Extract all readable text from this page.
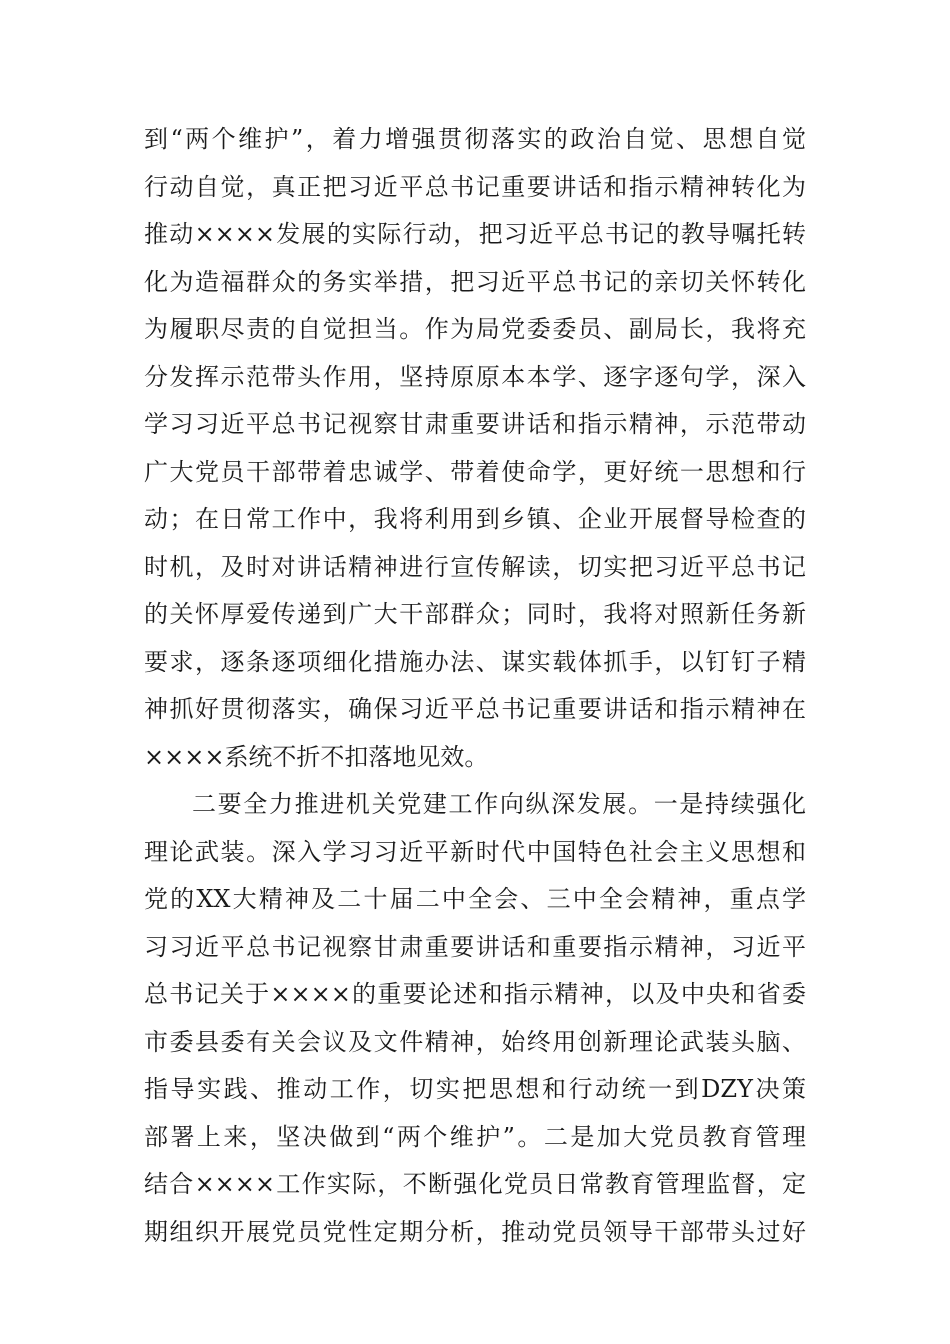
到“两个维护”，着力增强贯彻落实的政治自觉、思想自觉
行动自觉，真正把习近平总书记重要讲话和指示精神转化为
推动××××发展的实际行动，把习近平总书记的教导嘱托转
化为造福群众的务实举措，把习近平总书记的亲切关怀转化
为履职尽责的自觉担当。作为局党委委员、副局长，我将充
分发挥示范带头作用，坚持原原本本学、逐字逐句学，深入
学习习近平总书记视察甘肃重要讲话和指示精神，示范带动
广大党员干部带着忠诚学、带着使命学，更好统一思想和行
动；在日常工作中，我将利用到乡镇、企业开展督导检查的
时机，及时对讲话精神进行宣传解读，切实把习近平总书记
的关怀厚爱传递到广大干部群众；同时，我将对照新任务新
要求，逐条逐项细化措施办法、谋实载体抓手，以钉钉子精
神抓好贯彻落实，确保习近平总书记重要讲话和指示精神在
××××系统不折不扣落地见效。
二要全力推进机关党建工作向纵深发展。一是持续强化
理论武装。深入学习习近平新时代中国特色社会主义思想和
党的XX大精神及二十届二中全会、三中全会精神，重点学
习习近平总书记视察甘肃重要讲话和重要指示精神，习近平
总书记关于××××的重要论述和指示精神，以及中央和省委
市委县委有关会议及文件精神，始终用创新理论武装头脑、
指导实践、推动工作，切实把思想和行动统一到DZY决策
部署上来，坚决做到“两个维护”。二是加大党员教育管理
结合××××工作实际，不断强化党员日常教育管理监督，定
期组织开展党员党性定期分析，推动党员领导干部带头过好
